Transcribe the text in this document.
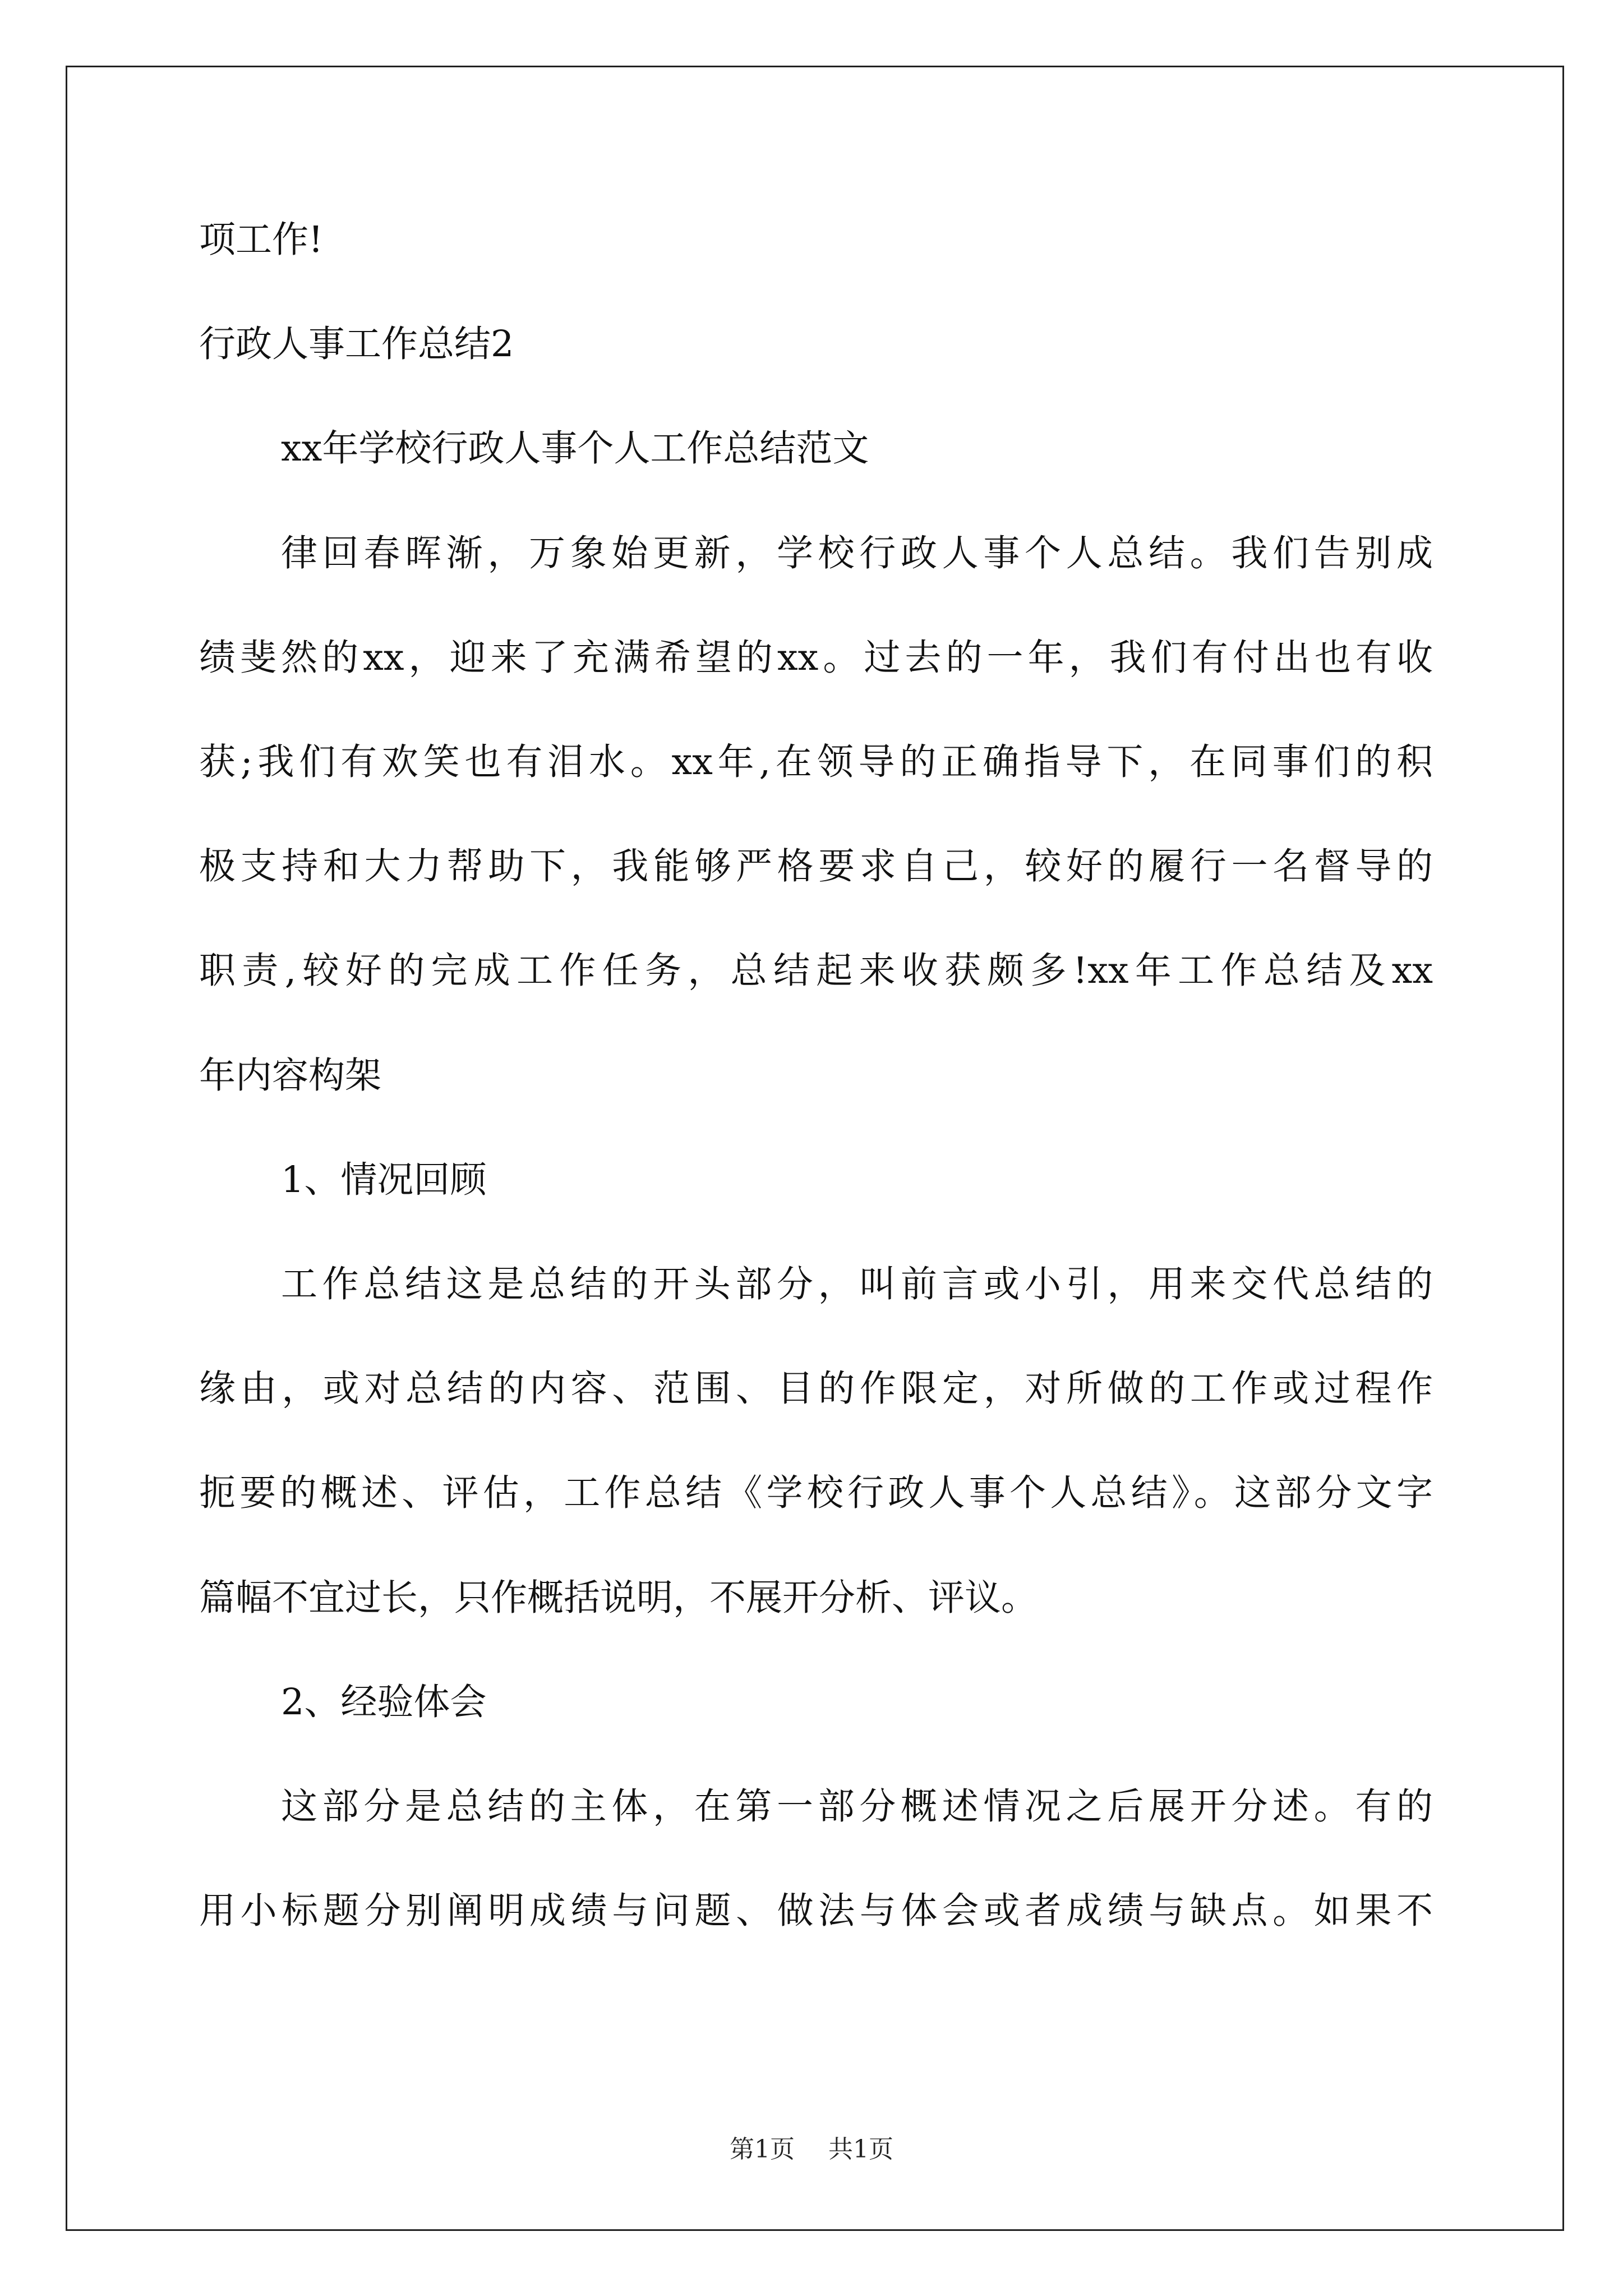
项工作!
行政人事工作总结2
xx年学校行政人事个人工作总结范文
律回春晖渐，万象始更新，学校行政人事个人总结。我们告别成
绩斐然的xx，迎来了充满希望的xx。过去的一年，我们有付出也有收
获;我们有欢笑也有泪水。xx年,在领导的正确指导下，在同事们的积
极支持和大力帮助下，我能够严格要求自己，较好的履行一名督导的
职责,较好的完成工作任务，总结起来收获颇多!xx年工作总结及xx
年内容构架
1、情况回顾
工作总结这是总结的开头部分，叫前言或小引，用来交代总结的
缘由，或对总结的内容、范围、目的作限定，对所做的工作或过程作
扼要的概述、评估，工作总结《学校行政人事个人总结》。这部分文字
篇幅不宜过长，只作概括说明，不展开分析、评议。
2、经验体会
这部分是总结的主体，在第一部分概述情况之后展开分述。有的
用小标题分别阐明成绩与问题、做法与体会或者成绩与缺点。如果不
第1页 共1页
